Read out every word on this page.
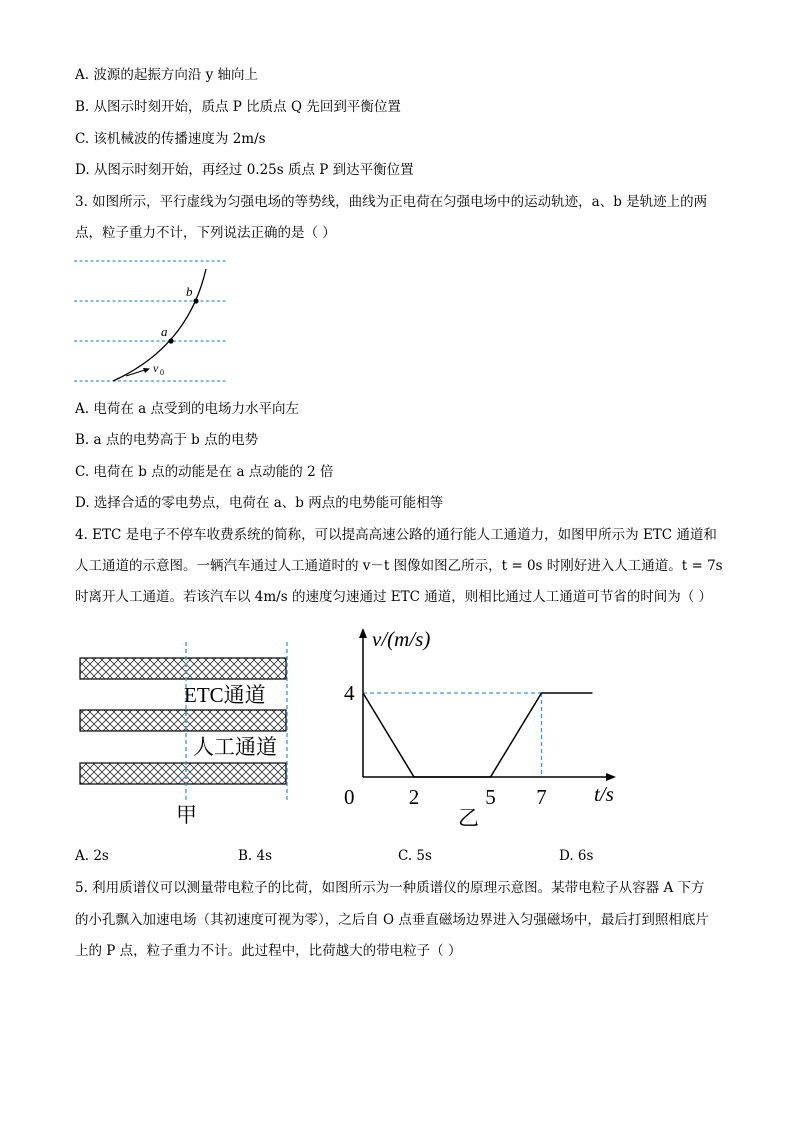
A. 波源的起振方向沿 y 轴向上
B. 从图示时刻开始，质点 P 比质点 Q 先回到平衡位置
C. 该机械波的传播速度为 2m/s
D. 从图示时刻开始，再经过 0.25s 质点 P 到达平衡位置
3. 如图所示，平行虚线为匀强电场的等势线，曲线为正电荷在匀强电场中的运动轨迹，a、b 是轨迹上的两
点，粒子重力不计，下列说法正确的是（ ）
a
b
v 0
A. 电荷在 a 点受到的电场力水平向左
B. a 点的电势高于 b 点的电势
C. 电荷在 b 点的动能是在 a 点动能的 2 倍
D. 选择合适的零电势点，电荷在 a、b 两点的电势能可能相等
4. ETC 是电子不停车收费系统的简称，可以提高高速公路的通行能人工通道力，如图甲所示为 ETC 通道和
人工通道的示意图。一辆汽车通过人工通道时的 v－t 图像如图乙所示，t = 0s 时刚好进入人工通道。t = 7s
时离开人工通道。若该汽车以 4m/s 的速度匀速通过 ETC 通道，则相比通过人工通道可节省的时间为（ ）
ETC通道
人工通道
甲
v/(m/s)
t/s
0	2	5 7
4
乙
A. 2s	B. 4s	C. 5s	D. 6s
5. 利用质谱仪可以测量带电粒子的比荷，如图所示为一种质谱仪的原理示意图。某带电粒子从容器 A 下方
的小孔飘入加速电场（其初速度可视为零），之后自 O 点垂直磁场边界进入匀强磁场中，最后打到照相底片
上的 P 点，粒子重力不计。此过程中，比荷越大的带电粒子（ ）
